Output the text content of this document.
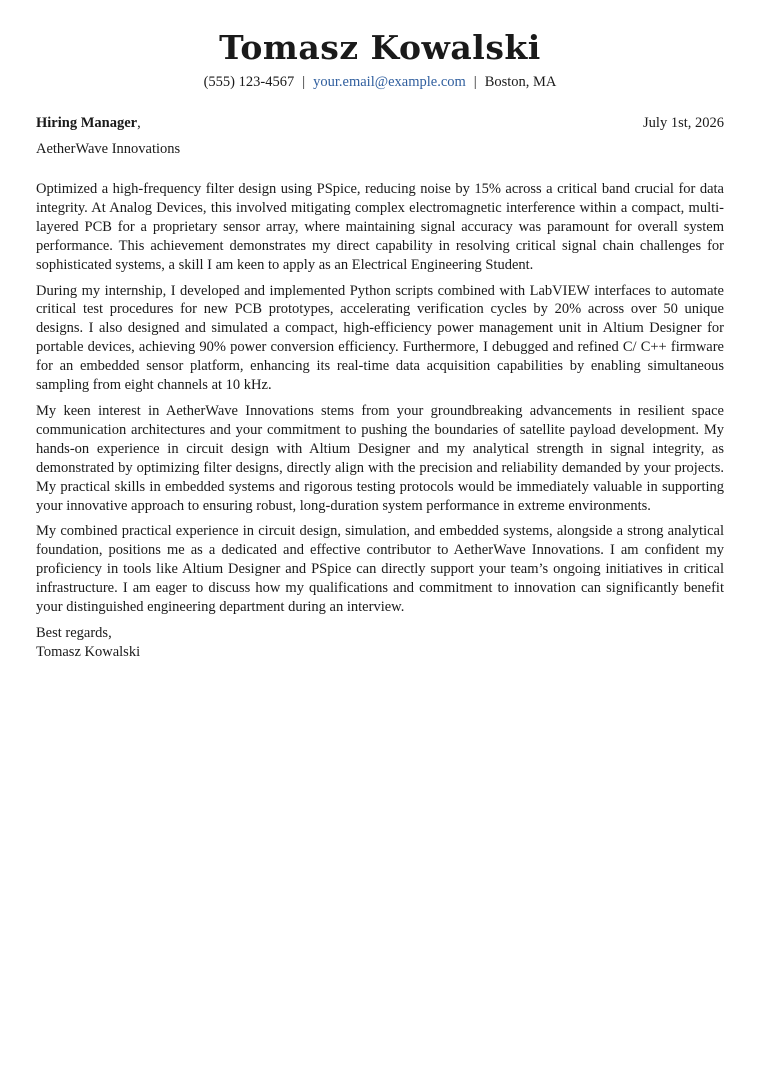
Tomasz Kowalski
(555) 123-4567 | your.email@example.com | Boston, MA
Hiring Manager,	July 1st, 2026
AetherWave Innovations

Optimized a high-frequency filter design using PSpice, reducing noise by 15% across a critical band crucial for data integrity. At Analog Devices, this involved mitigating complex electromagnetic interference within a compact, multi-layered PCB for a proprietary sensor array, where maintaining signal accuracy was paramount for overall system performance. This achievement demonstrates my direct capability in resolving critical signal chain challenges for sophisticated systems, a skill I am keen to apply as an Electrical Engineering Student.

During my internship, I developed and implemented Python scripts combined with LabVIEW interfaces to automate critical test procedures for new PCB prototypes, accelerating verification cycles by 20% across over 50 unique designs. I also designed and simulated a compact, high-efficiency power management unit in Altium Designer for portable devices, achieving 90% power conversion efficiency. Furthermore, I debugged and refined C/ C++ firmware for an embedded sensor platform, enhancing its real-time data acquisition capabilities by enabling simultaneous sampling from eight channels at 10 kHz.

My keen interest in AetherWave Innovations stems from your groundbreaking advancements in resilient space communication architectures and your commitment to pushing the boundaries of satellite payload development. My hands-on experience in circuit design with Altium Designer and my analytical strength in signal integrity, as demonstrated by optimizing filter designs, directly align with the precision and reliability demanded by your projects. My practical skills in embedded systems and rigorous testing protocols would be immediately valuable in supporting your innovative approach to ensuring robust, long-duration system performance in extreme environments.

My combined practical experience in circuit design, simulation, and embedded systems, alongside a strong analytical foundation, positions me as a dedicated and effective contributor to AetherWave Innovations. I am confident my proficiency in tools like Altium Designer and PSpice can directly support your team’s ongoing initiatives in critical infrastructure. I am eager to discuss how my qualifications and commitment to innovation can significantly benefit your distinguished engineering department during an interview.

Best regards,
Tomasz Kowalski
